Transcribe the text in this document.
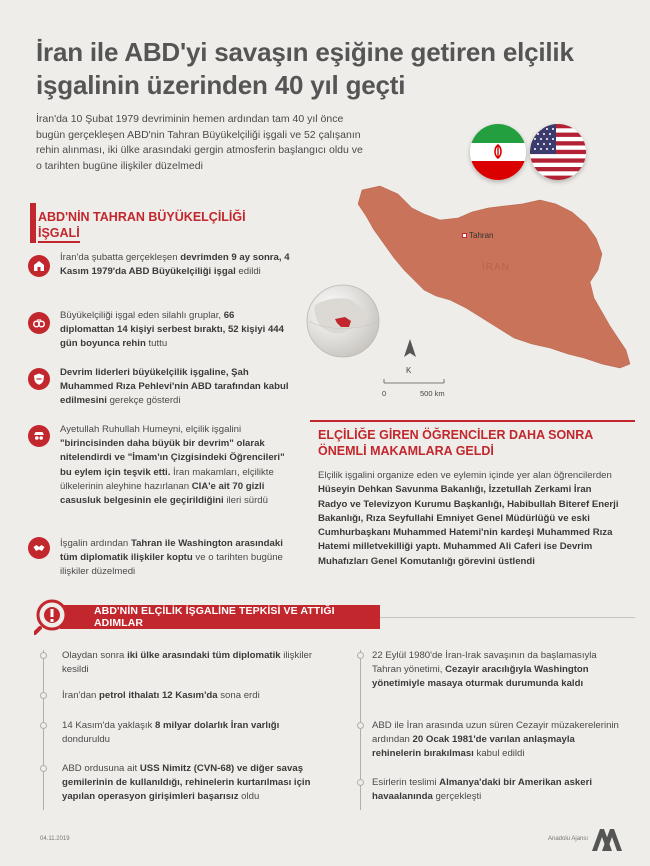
İran ile ABD'yi savaşın eşiğine getiren elçilik işgalinin üzerinden 40 yıl geçti
İran'da 10 Şubat 1979 devriminin hemen ardından tam 40 yıl önce bugün gerçekleşen ABD'nin Tahran Büyükelçiliği işgali ve 52 çalışanın rehin alınması, iki ülke arasındaki gergin atmosferin başlangıcı oldu ve o tarihten bugüne ilişkiler düzelmedi
Tahran
İRAN
K
0	500 km
ABD'NİN TAHRAN BÜYÜKELÇİLİĞİ
İŞGALİ
İran'da şubatta gerçekleşen devrimden 9 ay sonra, 4 Kasım 1979'da ABD Büyükelçiliği işgal edildi
Büyükelçiliği işgal eden silahlı gruplar, 66 diplomattan 14 kişiyi serbest bıraktı, 52 kişiyi 444 gün boyunca rehin tuttu
Devrim liderleri büyükelçilik işgaline, Şah Muhammed Rıza Pehlevi'nin ABD tarafından kabul edilmesini gerekçe gösterdi
Ayetullah Ruhullah Humeyni, elçilik işgalini "birincisinden daha büyük bir devrim" olarak nitelendirdi ve "İmam'ın Çizgisindeki Öğrencileri" bu eylem için teşvik etti. İran makamları, elçilikte ülkelerinin aleyhine hazırlanan CIA'e ait 70 gizli casusluk belgesinin ele geçirildiğini ileri sürdü
İşgalin ardından Tahran ile Washington arasındaki tüm diplomatik ilişkiler koptu ve o tarihten bugüne ilişkiler düzelmedi
ELÇİLİĞE GİREN ÖĞRENCİLER DAHA SONRA
ÖNEMLİ MAKAMLARA GELDİ
Elçilik işgalini organize eden ve eylemin içinde yer alan öğrencilerden Hüseyin Dehkan Savunma Bakanlığı, İzzetullah Zerkami İran Radyo ve Televizyon Kurumu Başkanlığı, Habibullah Biteref Enerji Bakanlığı, Rıza Seyfullahi Emniyet Genel Müdürlüğü ve eski Cumhurbaşkanı Muhammed Hatemi'nin kardeşi Muhammed Rıza Hatemi milletvekilliği yaptı. Muhammed Ali Caferi ise Devrim Muhafızları Genel Komutanlığı görevini üstlendi
ABD'NİN ELÇİLİK İŞGALİNE TEPKİSİ VE ATTIĞI ADIMLAR
Olaydan sonra iki ülke arasındaki tüm diplomatik ilişkiler kesildi
İran'dan petrol ithalatı 12 Kasım'da sona erdi
14 Kasım'da yaklaşık 8 milyar dolarlık İran varlığı donduruldu
ABD ordusuna ait USS Nimitz (CVN-68) ve diğer savaş gemilerinin de kullanıldığı, rehinelerin kurtarılması için yapılan operasyon girişimleri başarısız oldu
22 Eylül 1980'de İran-Irak savaşının da başlamasıyla Tahran yönetimi, Cezayir aracılığıyla Washington yönetimiyle masaya oturmak durumunda kaldı
ABD ile İran arasında uzun süren Cezayir müzakerelerinin ardından 20 Ocak 1981'de varılan anlaşmayla rehinelerin bırakılması kabul edildi
Esirlerin teslimi Almanya'daki bir Amerikan askeri havaalanında gerçekleşti
04.11.2019	Anadolu Ajansı
